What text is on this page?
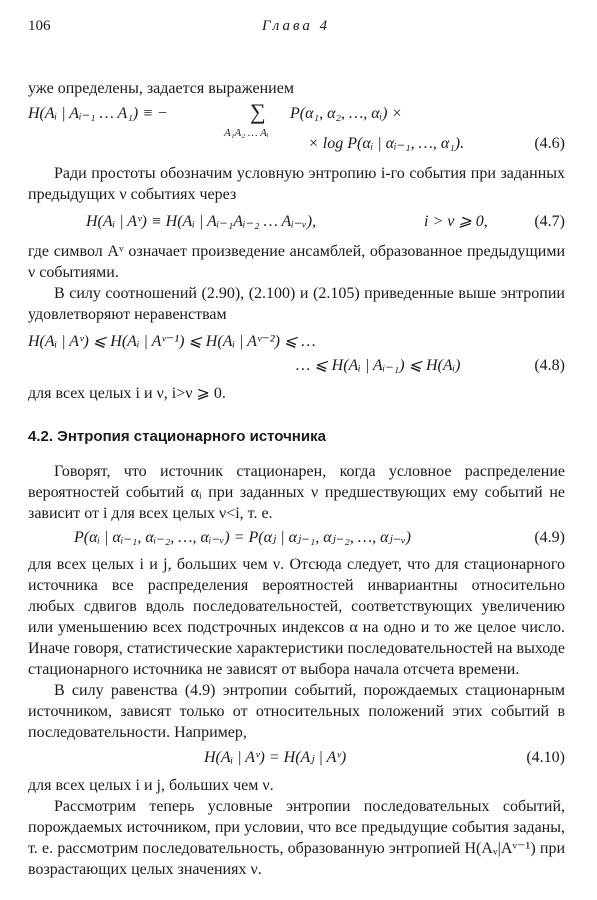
106	Глава 4

уже определены, задается выражением

H(Aᵢ | Aᵢ₋₁ … A₁) ≡ −	∑
A₁A₂ … Aᵢ
P(α₁, α₂, …, αᵢ) ×
× log P(αᵢ | αᵢ₋₁, …, α₁).	(4.6)

Ради простоты обозначим условную энтропию i-го события при заданных предыдущих ν событиях через

H(Aᵢ | Aᵛ) ≡ H(Aᵢ | Aᵢ₋₁Aᵢ₋₂ … Aᵢ₋ᵥ),	i > ν ⩾ 0,	(4.7)

где символ Aᵛ означает произведение ансамблей, образованное предыдущими ν событиями.

В силу соотношений (2.90), (2.100) и (2.105) приведенные выше энтропии удовлетворяют неравенствам

H(Aᵢ | Aᵛ) ⩽ H(Aᵢ | Aᵛ⁻¹) ⩽ H(Aᵢ | Aᵛ⁻²) ⩽ …
… ⩽ H(Aᵢ | Aᵢ₋₁) ⩽ H(Aᵢ)	(4.8)

для всех целых i и ν, i>ν ⩾ 0.

4.2. Энтропия стационарного источника

Говорят, что источник стационарен, когда условное распределение вероятностей событий αᵢ при заданных ν предшествующих ему событий не зависит от i для всех целых ν<i, т. е.

P(αᵢ | αᵢ₋₁, αᵢ₋₂, …, αᵢ₋ᵥ) = P(αⱼ | αⱼ₋₁, αⱼ₋₂, …, αⱼ₋ᵥ)	(4.9)

для всех целых i и j, больших чем ν. Отсюда следует, что для стационарного источника все распределения вероятностей инвариантны относительно любых сдвигов вдоль последовательностей, соответствующих увеличению или уменьшению всех подстрочных индексов α на одно и то же целое число. Иначе говоря, статистические характеристики последовательностей на выходе стационарного источника не зависят от выбора начала отсчета времени.

В силу равенства (4.9) энтропии событий, порождаемых стационарным источником, зависят только от относительных положений этих событий в последовательности. Например,

H(Aᵢ | Aᵛ) = H(Aⱼ | Aᵛ)	(4.10)

для всех целых i и j, больших чем ν.

Рассмотрим теперь условные энтропии последовательных событий, порождаемых источником, при условии, что все предыдущие события заданы, т. е. рассмотрим последовательность, образованную энтропией H(Aᵥ|Aᵛ⁻¹) при возрастающих целых значениях ν.
